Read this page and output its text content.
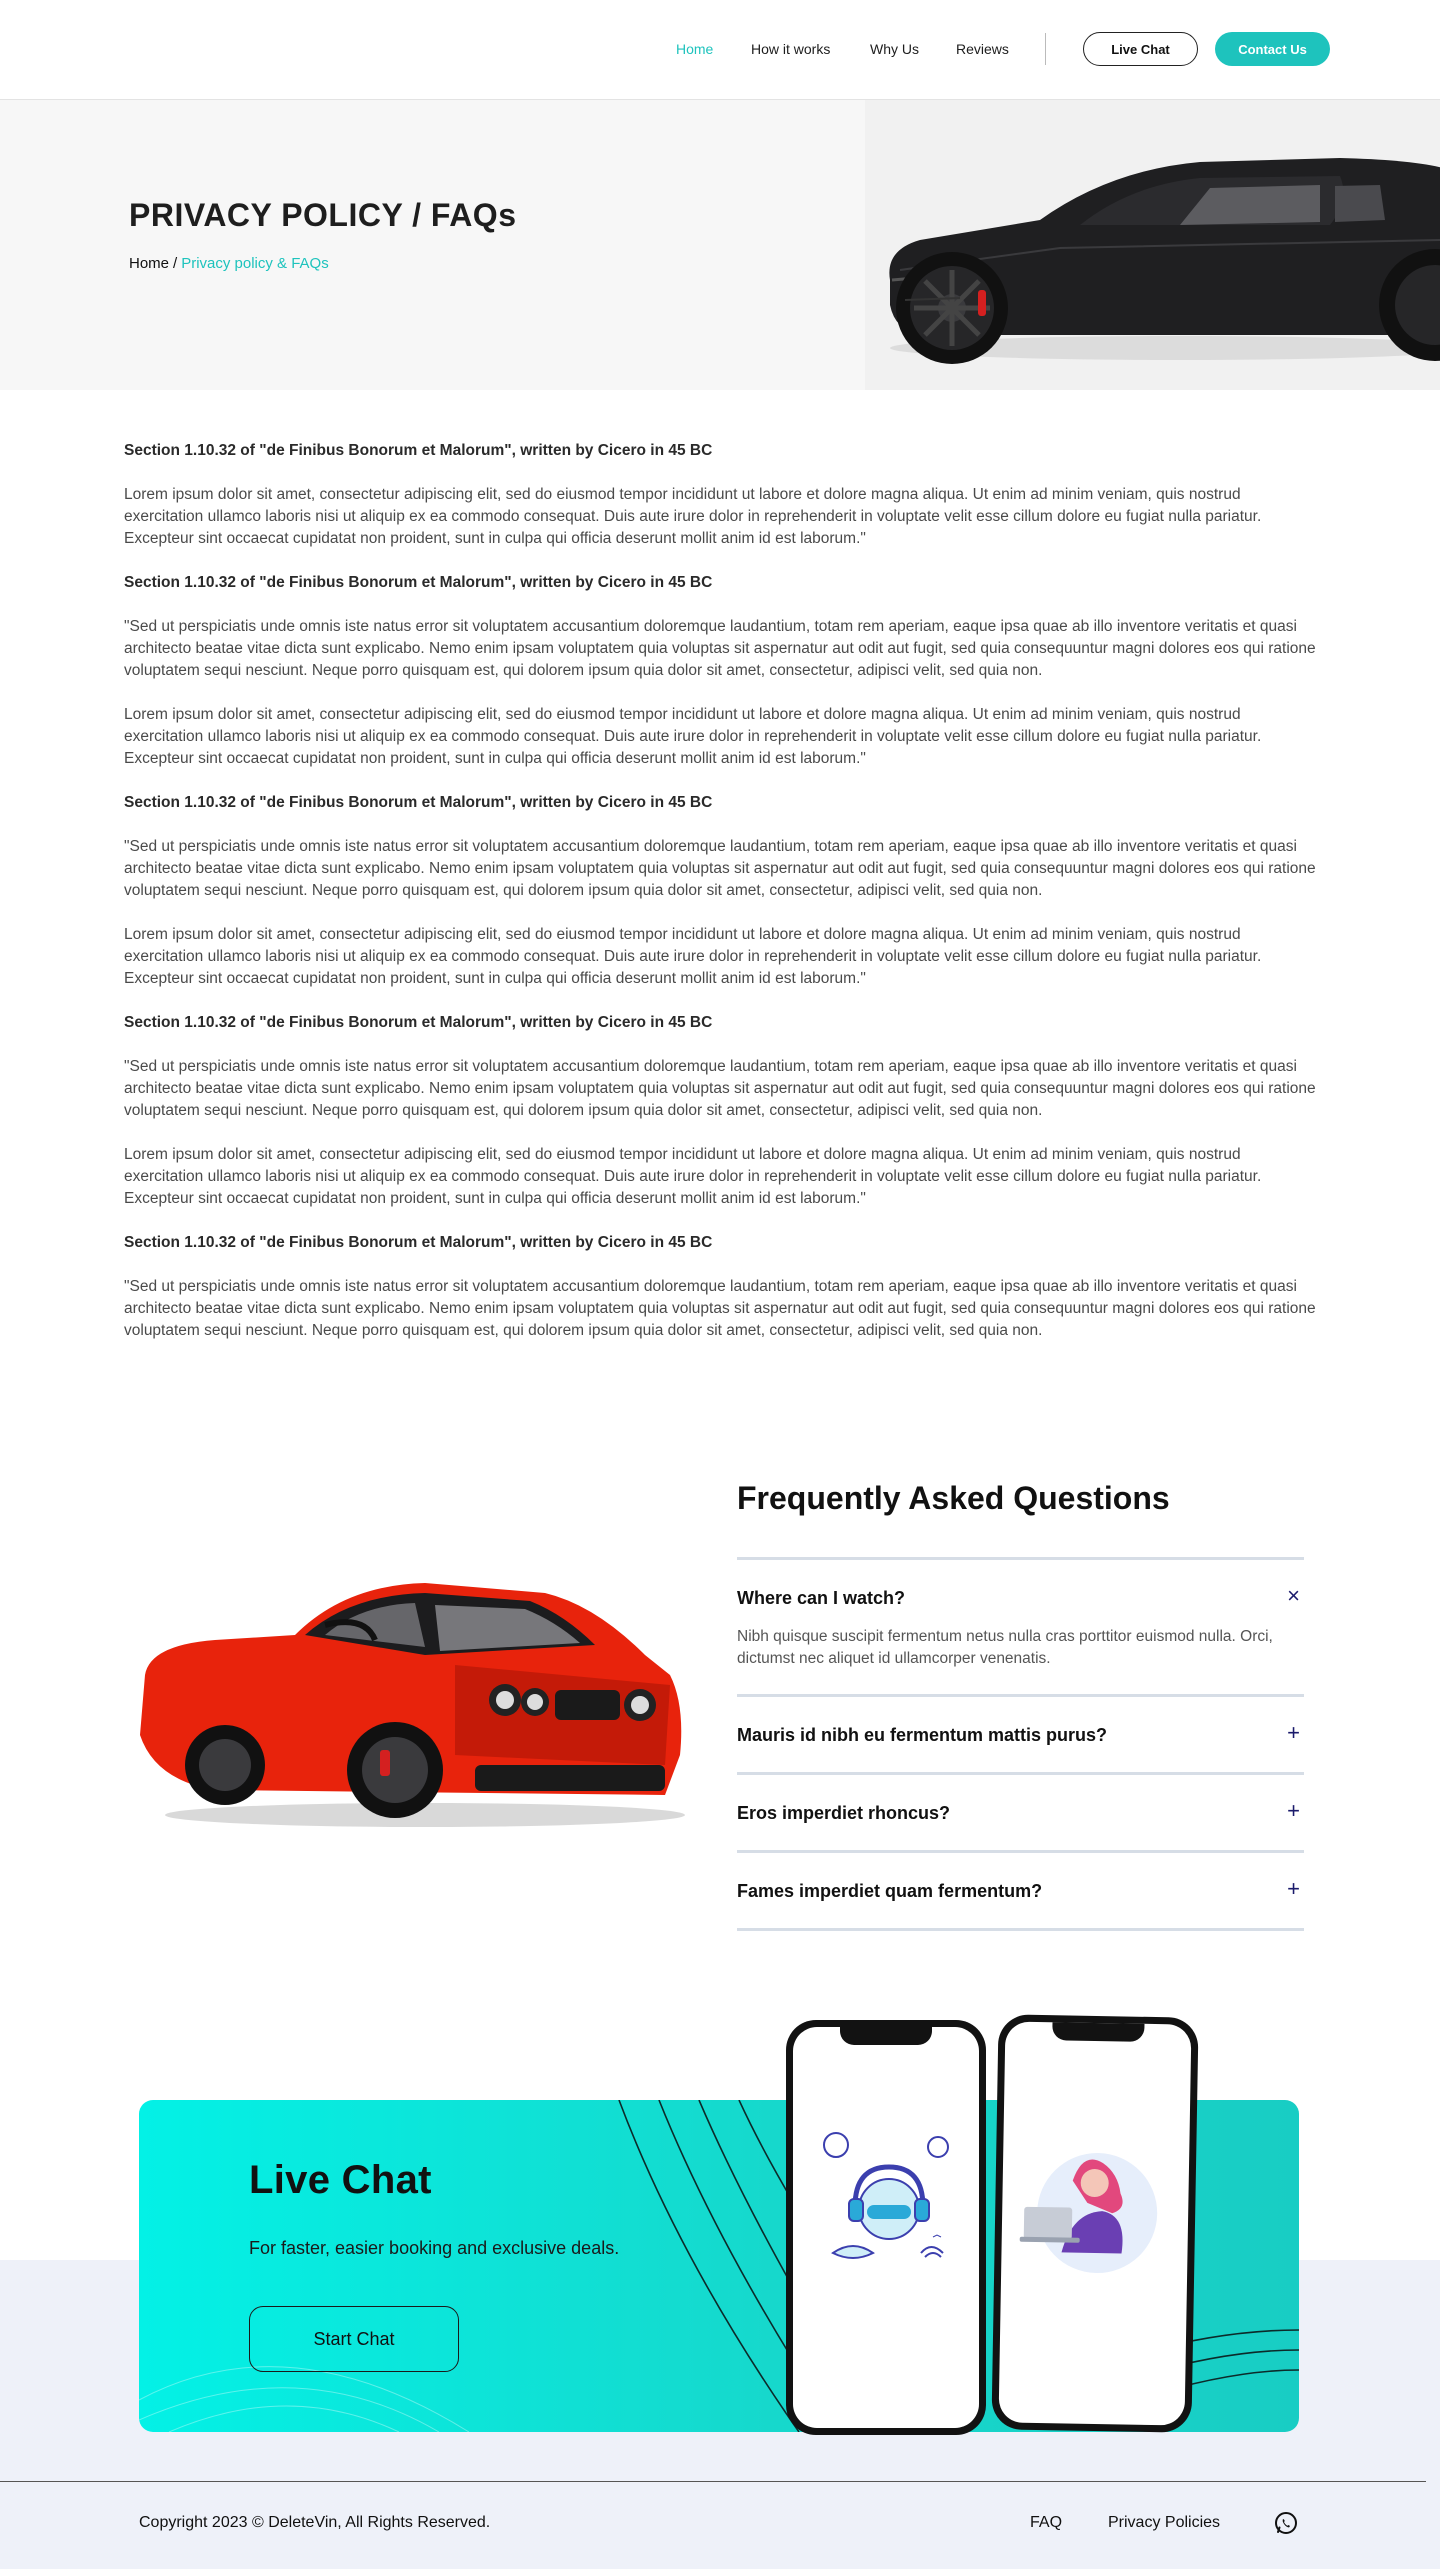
Home	How it works	Why Us	Reviews	Live Chat	Contact Us
PRIVACY POLICY / FAQs
Home / Privacy policy & FAQs
Section 1.10.32 of "de Finibus Bonorum et Malorum", written by Cicero in 45 BC

Lorem ipsum dolor sit amet, consectetur adipiscing elit, sed do eiusmod tempor incididunt ut labore et dolore magna aliqua. Ut enim ad minim veniam, quis nostrud exercitation ullamco laboris nisi ut aliquip ex ea commodo consequat. Duis aute irure dolor in reprehenderit in voluptate velit esse cillum dolore eu fugiat nulla pariatur. Excepteur sint occaecat cupidatat non proident, sunt in culpa qui officia deserunt mollit anim id est laborum."

Section 1.10.32 of "de Finibus Bonorum et Malorum", written by Cicero in 45 BC

"Sed ut perspiciatis unde omnis iste natus error sit voluptatem accusantium doloremque laudantium, totam rem aperiam, eaque ipsa quae ab illo inventore veritatis et quasi architecto beatae vitae dicta sunt explicabo. Nemo enim ipsam voluptatem quia voluptas sit aspernatur aut odit aut fugit, sed quia consequuntur magni dolores eos qui ratione voluptatem sequi nesciunt. Neque porro quisquam est, qui dolorem ipsum quia dolor sit amet, consectetur, adipisci velit, sed quia non.

Lorem ipsum dolor sit amet, consectetur adipiscing elit, sed do eiusmod tempor incididunt ut labore et dolore magna aliqua. Ut enim ad minim veniam, quis nostrud exercitation ullamco laboris nisi ut aliquip ex ea commodo consequat. Duis aute irure dolor in reprehenderit in voluptate velit esse cillum dolore eu fugiat nulla pariatur. Excepteur sint occaecat cupidatat non proident, sunt in culpa qui officia deserunt mollit anim id est laborum."

Section 1.10.32 of "de Finibus Bonorum et Malorum", written by Cicero in 45 BC

"Sed ut perspiciatis unde omnis iste natus error sit voluptatem accusantium doloremque laudantium, totam rem aperiam, eaque ipsa quae ab illo inventore veritatis et quasi architecto beatae vitae dicta sunt explicabo. Nemo enim ipsam voluptatem quia voluptas sit aspernatur aut odit aut fugit, sed quia consequuntur magni dolores eos qui ratione voluptatem sequi nesciunt. Neque porro quisquam est, qui dolorem ipsum quia dolor sit amet, consectetur, adipisci velit, sed quia non.

Lorem ipsum dolor sit amet, consectetur adipiscing elit, sed do eiusmod tempor incididunt ut labore et dolore magna aliqua. Ut enim ad minim veniam, quis nostrud exercitation ullamco laboris nisi ut aliquip ex ea commodo consequat. Duis aute irure dolor in reprehenderit in voluptate velit esse cillum dolore eu fugiat nulla pariatur. Excepteur sint occaecat cupidatat non proident, sunt in culpa qui officia deserunt mollit anim id est laborum."

Section 1.10.32 of "de Finibus Bonorum et Malorum", written by Cicero in 45 BC

"Sed ut perspiciatis unde omnis iste natus error sit voluptatem accusantium doloremque laudantium, totam rem aperiam, eaque ipsa quae ab illo inventore veritatis et quasi architecto beatae vitae dicta sunt explicabo. Nemo enim ipsam voluptatem quia voluptas sit aspernatur aut odit aut fugit, sed quia consequuntur magni dolores eos qui ratione voluptatem sequi nesciunt. Neque porro quisquam est, qui dolorem ipsum quia dolor sit amet, consectetur, adipisci velit, sed quia non.

Lorem ipsum dolor sit amet, consectetur adipiscing elit, sed do eiusmod tempor incididunt ut labore et dolore magna aliqua. Ut enim ad minim veniam, quis nostrud exercitation ullamco laboris nisi ut aliquip ex ea commodo consequat. Duis aute irure dolor in reprehenderit in voluptate velit esse cillum dolore eu fugiat nulla pariatur. Excepteur sint occaecat cupidatat non proident, sunt in culpa qui officia deserunt mollit anim id est laborum."

Section 1.10.32 of "de Finibus Bonorum et Malorum", written by Cicero in 45 BC

"Sed ut perspiciatis unde omnis iste natus error sit voluptatem accusantium doloremque laudantium, totam rem aperiam, eaque ipsa quae ab illo inventore veritatis et quasi architecto beatae vitae dicta sunt explicabo. Nemo enim ipsam voluptatem quia voluptas sit aspernatur aut odit aut fugit, sed quia consequuntur magni dolores eos qui ratione voluptatem sequi nesciunt. Neque porro quisquam est, qui dolorem ipsum quia dolor sit amet, consectetur, adipisci velit, sed quia non.

Frequently Asked Questions
Where can I watch?	×
Nibh quisque suscipit fermentum netus nulla cras porttitor euismod nulla. Orci, dictumst nec aliquet id ullamcorper venenatis.
Mauris id nibh eu fermentum mattis purus?	+
Eros imperdiet rhoncus?	+
Fames imperdiet quam fermentum?	+
Live Chat

For faster, easier booking and exclusive deals.

Start Chat
Copyright 2023 © DeleteVin, All Rights Reserved.	FAQ	Privacy Policies
